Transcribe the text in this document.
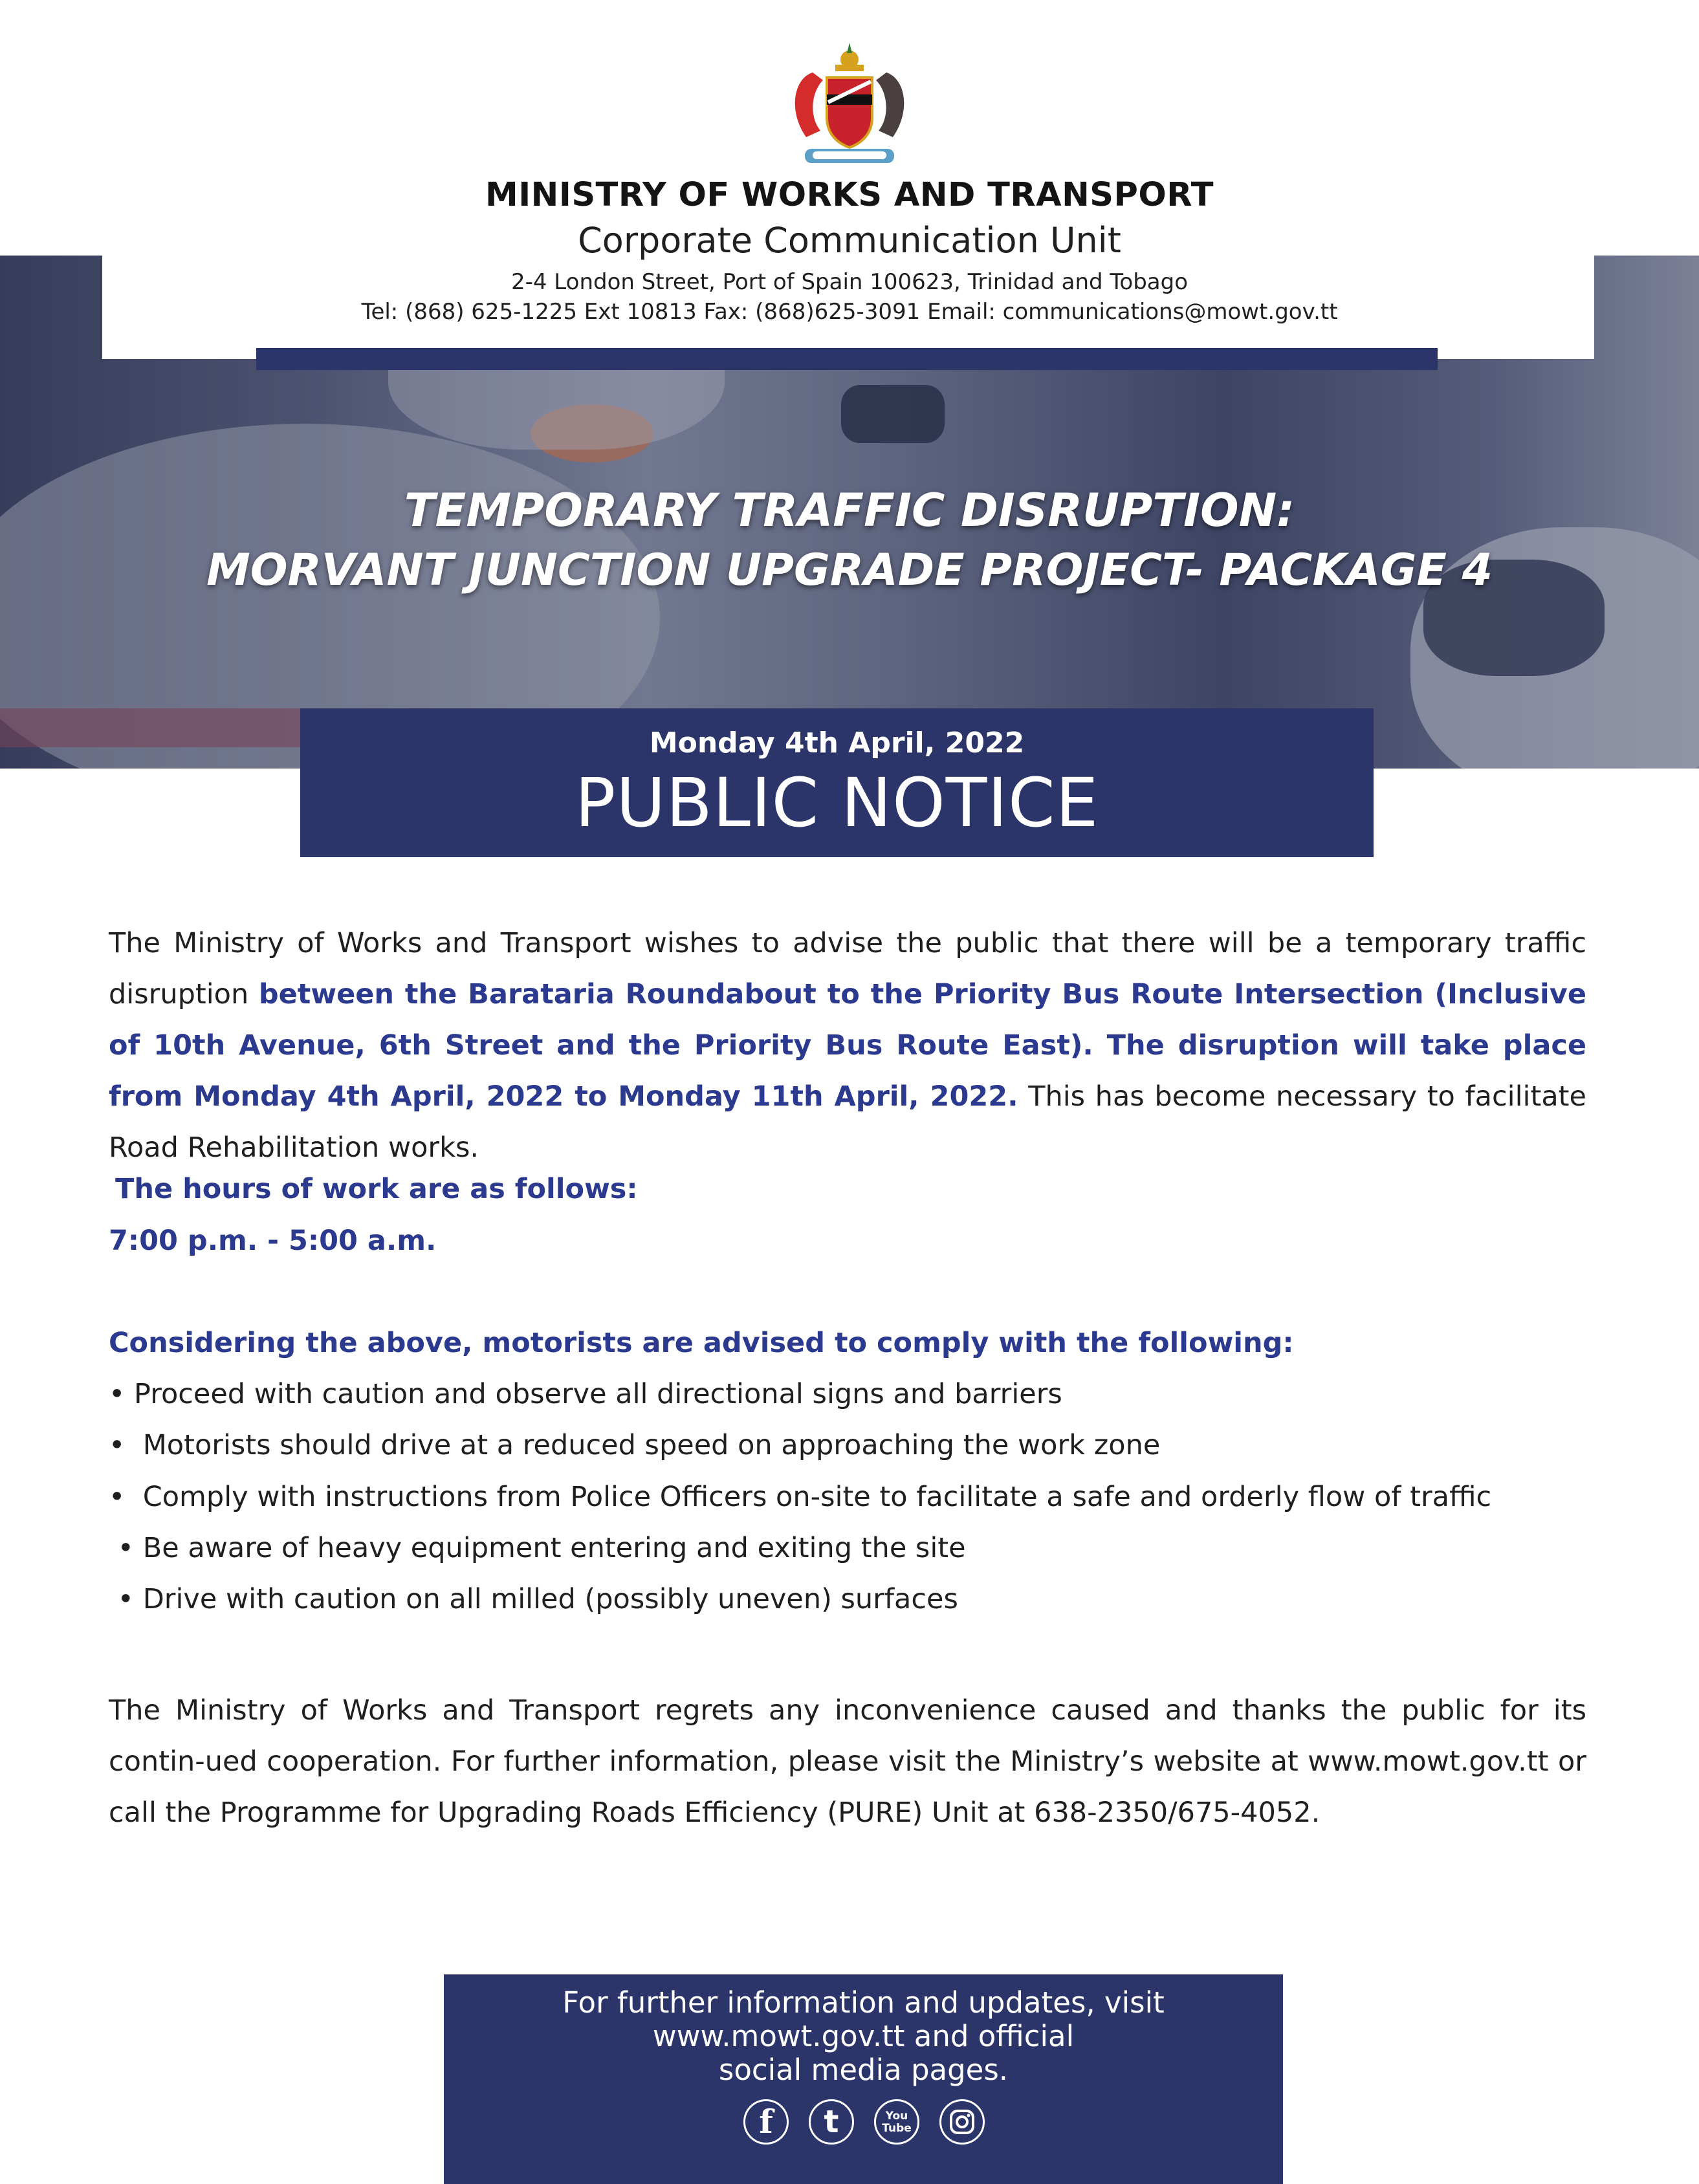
MINISTRY OF WORKS AND TRANSPORT
Corporate Communication Unit
2-4 London Street, Port of Spain 100623, Trinidad and Tobago
Tel: (868) 625-1225 Ext 10813 Fax: (868)625-3091 Email: communications@mowt.gov.tt
TEMPORARY TRAFFIC DISRUPTION:
MORVANT JUNCTION UPGRADE PROJECT- PACKAGE 4
Monday 4th April, 2022
PUBLIC NOTICE
The Ministry of Works and Transport wishes to advise the public that there will be a temporary traffic disruption between the Barataria Roundabout to the Priority Bus Route Intersection (Inclusive of 10th Avenue, 6th Street and the Priority Bus Route East). The disruption will take place from Monday 4th April, 2022 to Monday 11th April, 2022. This has become necessary to facilitate Road Rehabilitation works.
The hours of work are as follows:
7:00 p.m. - 5:00 a.m.
Considering the above, motorists are advised to comply with the following:
• Proceed with caution and observe all directional signs and barriers
•  Motorists should drive at a reduced speed on approaching the work zone
•  Comply with instructions from Police Officers on-site to facilitate a safe and orderly flow of traffic
• Be aware of heavy equipment entering and exiting the site
• Drive with caution on all milled (possibly uneven) surfaces
The Ministry of Works and Transport regrets any inconvenience caused and thanks the public for its contin-ued cooperation. For further information, please visit the Ministry’s website at www.mowt.gov.tt or call the Programme for Upgrading Roads Efficiency (PURE) Unit at 638-2350/675-4052.
For further information and updates, visit
www.mowt.gov.tt and official
social media pages.
f	t	You
Tube
